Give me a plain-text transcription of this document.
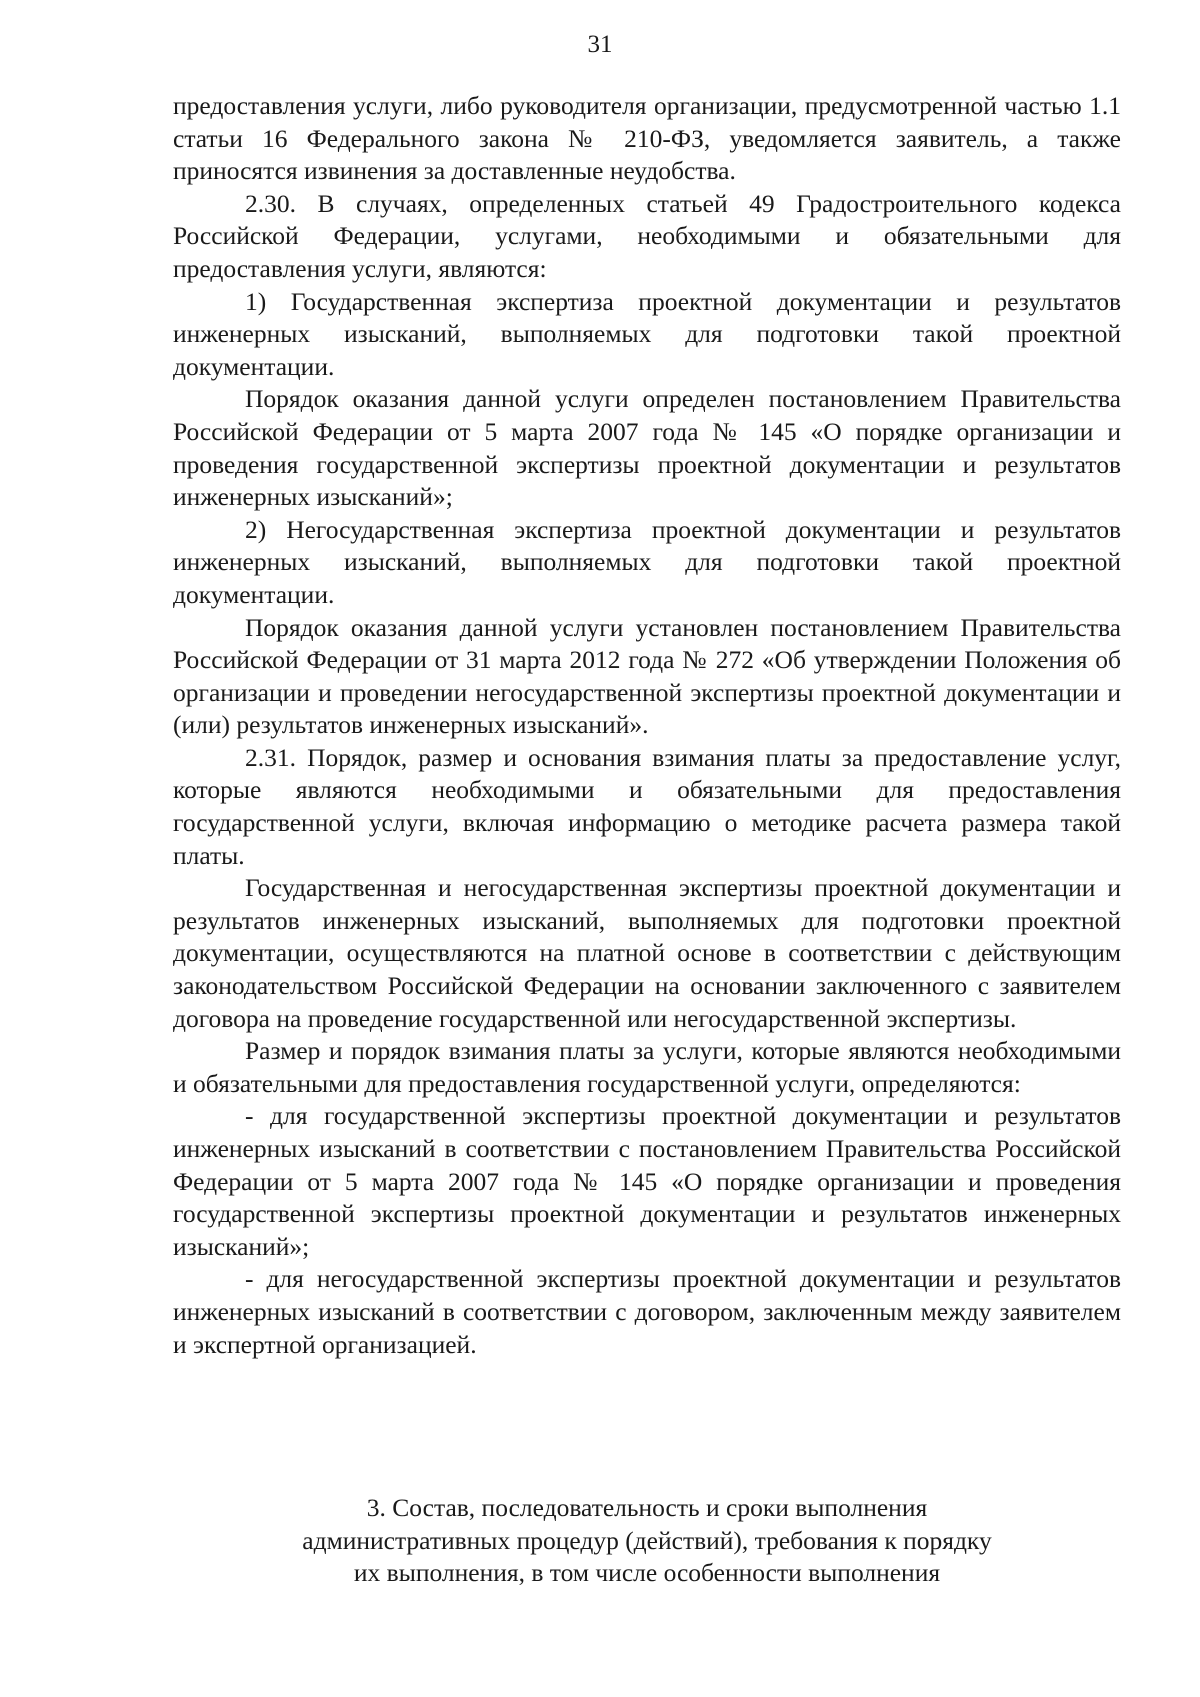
31

предоставления услуги, либо руководителя организации, предусмотренной частью 1.1 статьи 16 Федерального закона № 210-ФЗ, уведомляется заявитель, а также приносятся извинения за доставленные неудобства.

2.30. В случаях, определенных статьей 49 Градостроительного кодекса Российской Федерации, услугами, необходимыми и обязательными для предоставления услуги, являются:

1) Государственная экспертиза проектной документации и результатов инженерных изысканий, выполняемых для подготовки такой проектной документации.

Порядок оказания данной услуги определен постановлением Правительства Российской Федерации от 5 марта 2007 года № 145 «О порядке организации и проведения государственной экспертизы проектной документации и результатов инженерных изысканий»;

2) Негосударственная экспертиза проектной документации и результатов инженерных изысканий, выполняемых для подготовки такой проектной документации.

Порядок оказания данной услуги установлен постановлением Правительства Российской Федерации от 31 марта 2012 года № 272 «Об утверждении Положения об организации и проведении негосударственной экспертизы проектной документации и (или) результатов инженерных изысканий».

2.31. Порядок, размер и основания взимания платы за предоставление услуг, которые являются необходимыми и обязательными для предоставления государственной услуги, включая информацию о методике расчета размера такой платы.

Государственная и негосударственная экспертизы проектной документации и результатов инженерных изысканий, выполняемых для подготовки проектной документации, осуществляются на платной основе в соответствии с действующим законодательством Российской Федерации на основании заключенного с заявителем договора на проведение государственной или негосударственной экспертизы.

Размер и порядок взимания платы за услуги, которые являются необходимыми и обязательными для предоставления государственной услуги, определяются:

- для государственной экспертизы проектной документации и результатов инженерных изысканий в соответствии с постановлением Правительства Российской Федерации от 5 марта 2007 года № 145 «О порядке организации и проведения государственной экспертизы проектной документации и результатов инженерных изысканий»;

- для негосударственной экспертизы проектной документации и результатов инженерных изысканий в соответствии с договором, заключенным между заявителем и экспертной организацией.

3. Состав, последовательность и сроки выполнения
административных процедур (действий), требования к порядку
их выполнения, в том числе особенности выполнения
